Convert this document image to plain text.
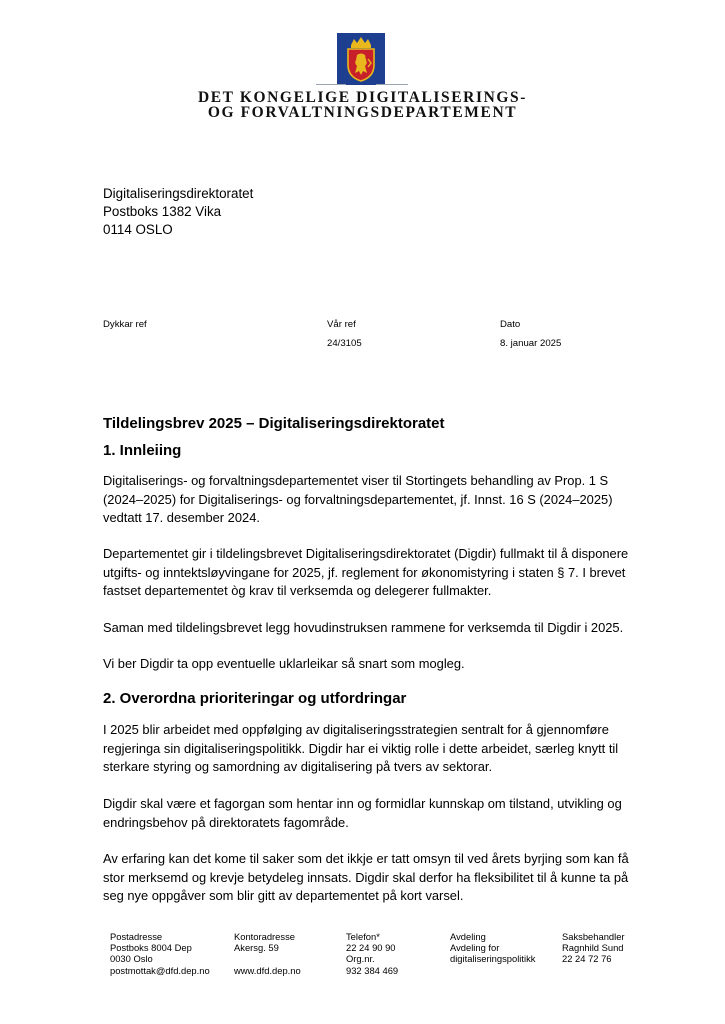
DET KONGELIGE DIGITALISERINGS-
OG FORVALTNINGSDEPARTEMENT
Digitaliseringsdirektoratet
Postboks 1382 Vika
0114 OSLO
Dykkar ref	Vår ref
24/3105
Dato
8. januar 2025
Tildelingsbrev 2025 – Digitaliseringsdirektoratet
1. Innleiing
Digitaliserings- og forvaltningsdepartementet viser til Stortingets behandling av Prop. 1 S
(2024–2025) for Digitaliserings- og forvaltningsdepartementet, jf. Innst. 16 S (2024–2025)
vedtatt 17. desember 2024.
Departementet gir i tildelingsbrevet Digitaliseringsdirektoratet (Digdir) fullmakt til å disponere
utgifts- og inntektsløyvingane for 2025, jf. reglement for økonomistyring i staten § 7. I brevet
fastset departementet òg krav til verksemda og delegerer fullmakter.
Saman med tildelingsbrevet legg hovudinstruksen rammene for verksemda til Digdir i 2025.
Vi ber Digdir ta opp eventuelle uklarleikar så snart som mogleg.
2. Overordna prioriteringar og utfordringar
I 2025 blir arbeidet med oppfølging av digitaliseringsstrategien sentralt for å gjennomføre
regjeringa sin digitaliseringspolitikk. Digdir har ei viktig rolle i dette arbeidet, særleg knytt til
sterkare styring og samordning av digitalisering på tvers av sektorar.
Digdir skal være et fagorgan som hentar inn og formidlar kunnskap om tilstand, utvikling og
endringsbehov på direktoratets fagområde.
Av erfaring kan det kome til saker som det ikkje er tatt omsyn til ved årets byrjing som kan få
stor merksemd og krevje betydeleg innsats. Digdir skal derfor ha fleksibilitet til å kunne ta på
seg nye oppgåver som blir gitt av departementet på kort varsel.
Postadresse
Postboks 8004 Dep
0030 Oslo
postmottak@dfd.dep.no
Kontoradresse
Akersg. 59

www.dfd.dep.no
Telefon*
22 24 90 90
Org.nr.
932 384 469
Avdeling
Avdeling for
digitaliseringspolitikk
Saksbehandler
Ragnhild Sund
22 24 72 76
